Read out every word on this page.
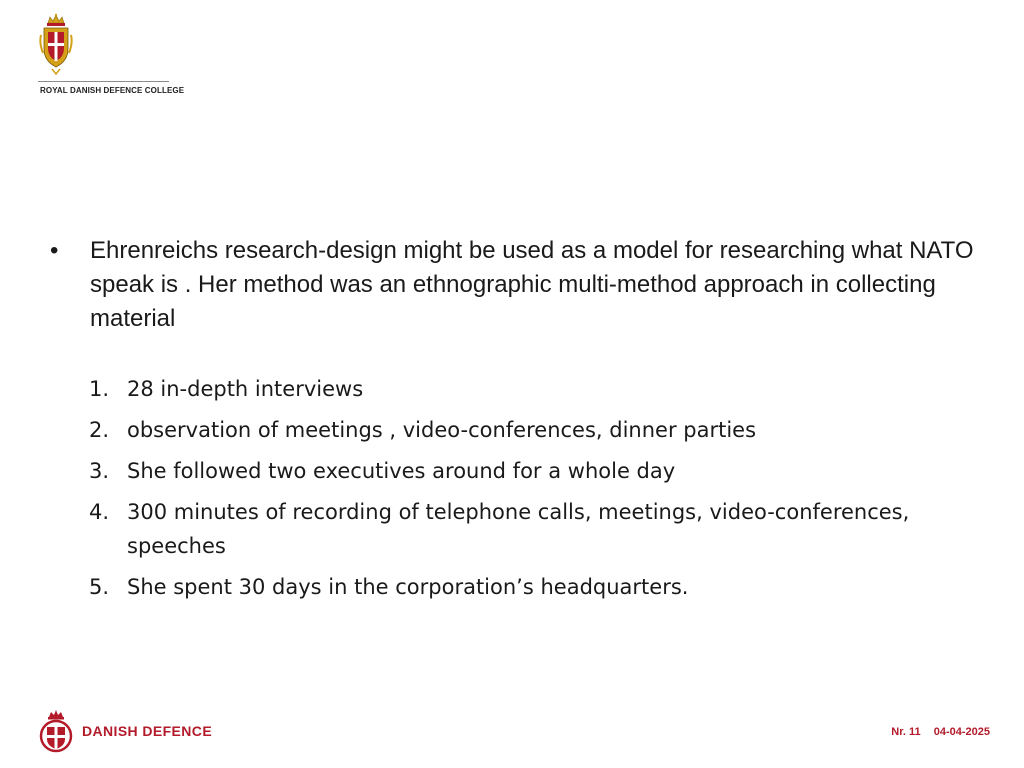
ROYAL DANISH DEFENCE COLLEGE
•	Ehrenreichs research-design might be used as a model for researching what NATO speak is . Her method was an ethnographic multi-method approach in collecting material
1. 28 in-depth interviews
2. observation of meetings , video-conferences, dinner parties
3. She followed two executives around for a whole day
4. 300 minutes of recording of telephone calls, meetings, video-conferences, speeches
5. She spent 30 days in the corporation’s headquarters.
DANISH DEFENCE	Nr. 11 04-04-2025
